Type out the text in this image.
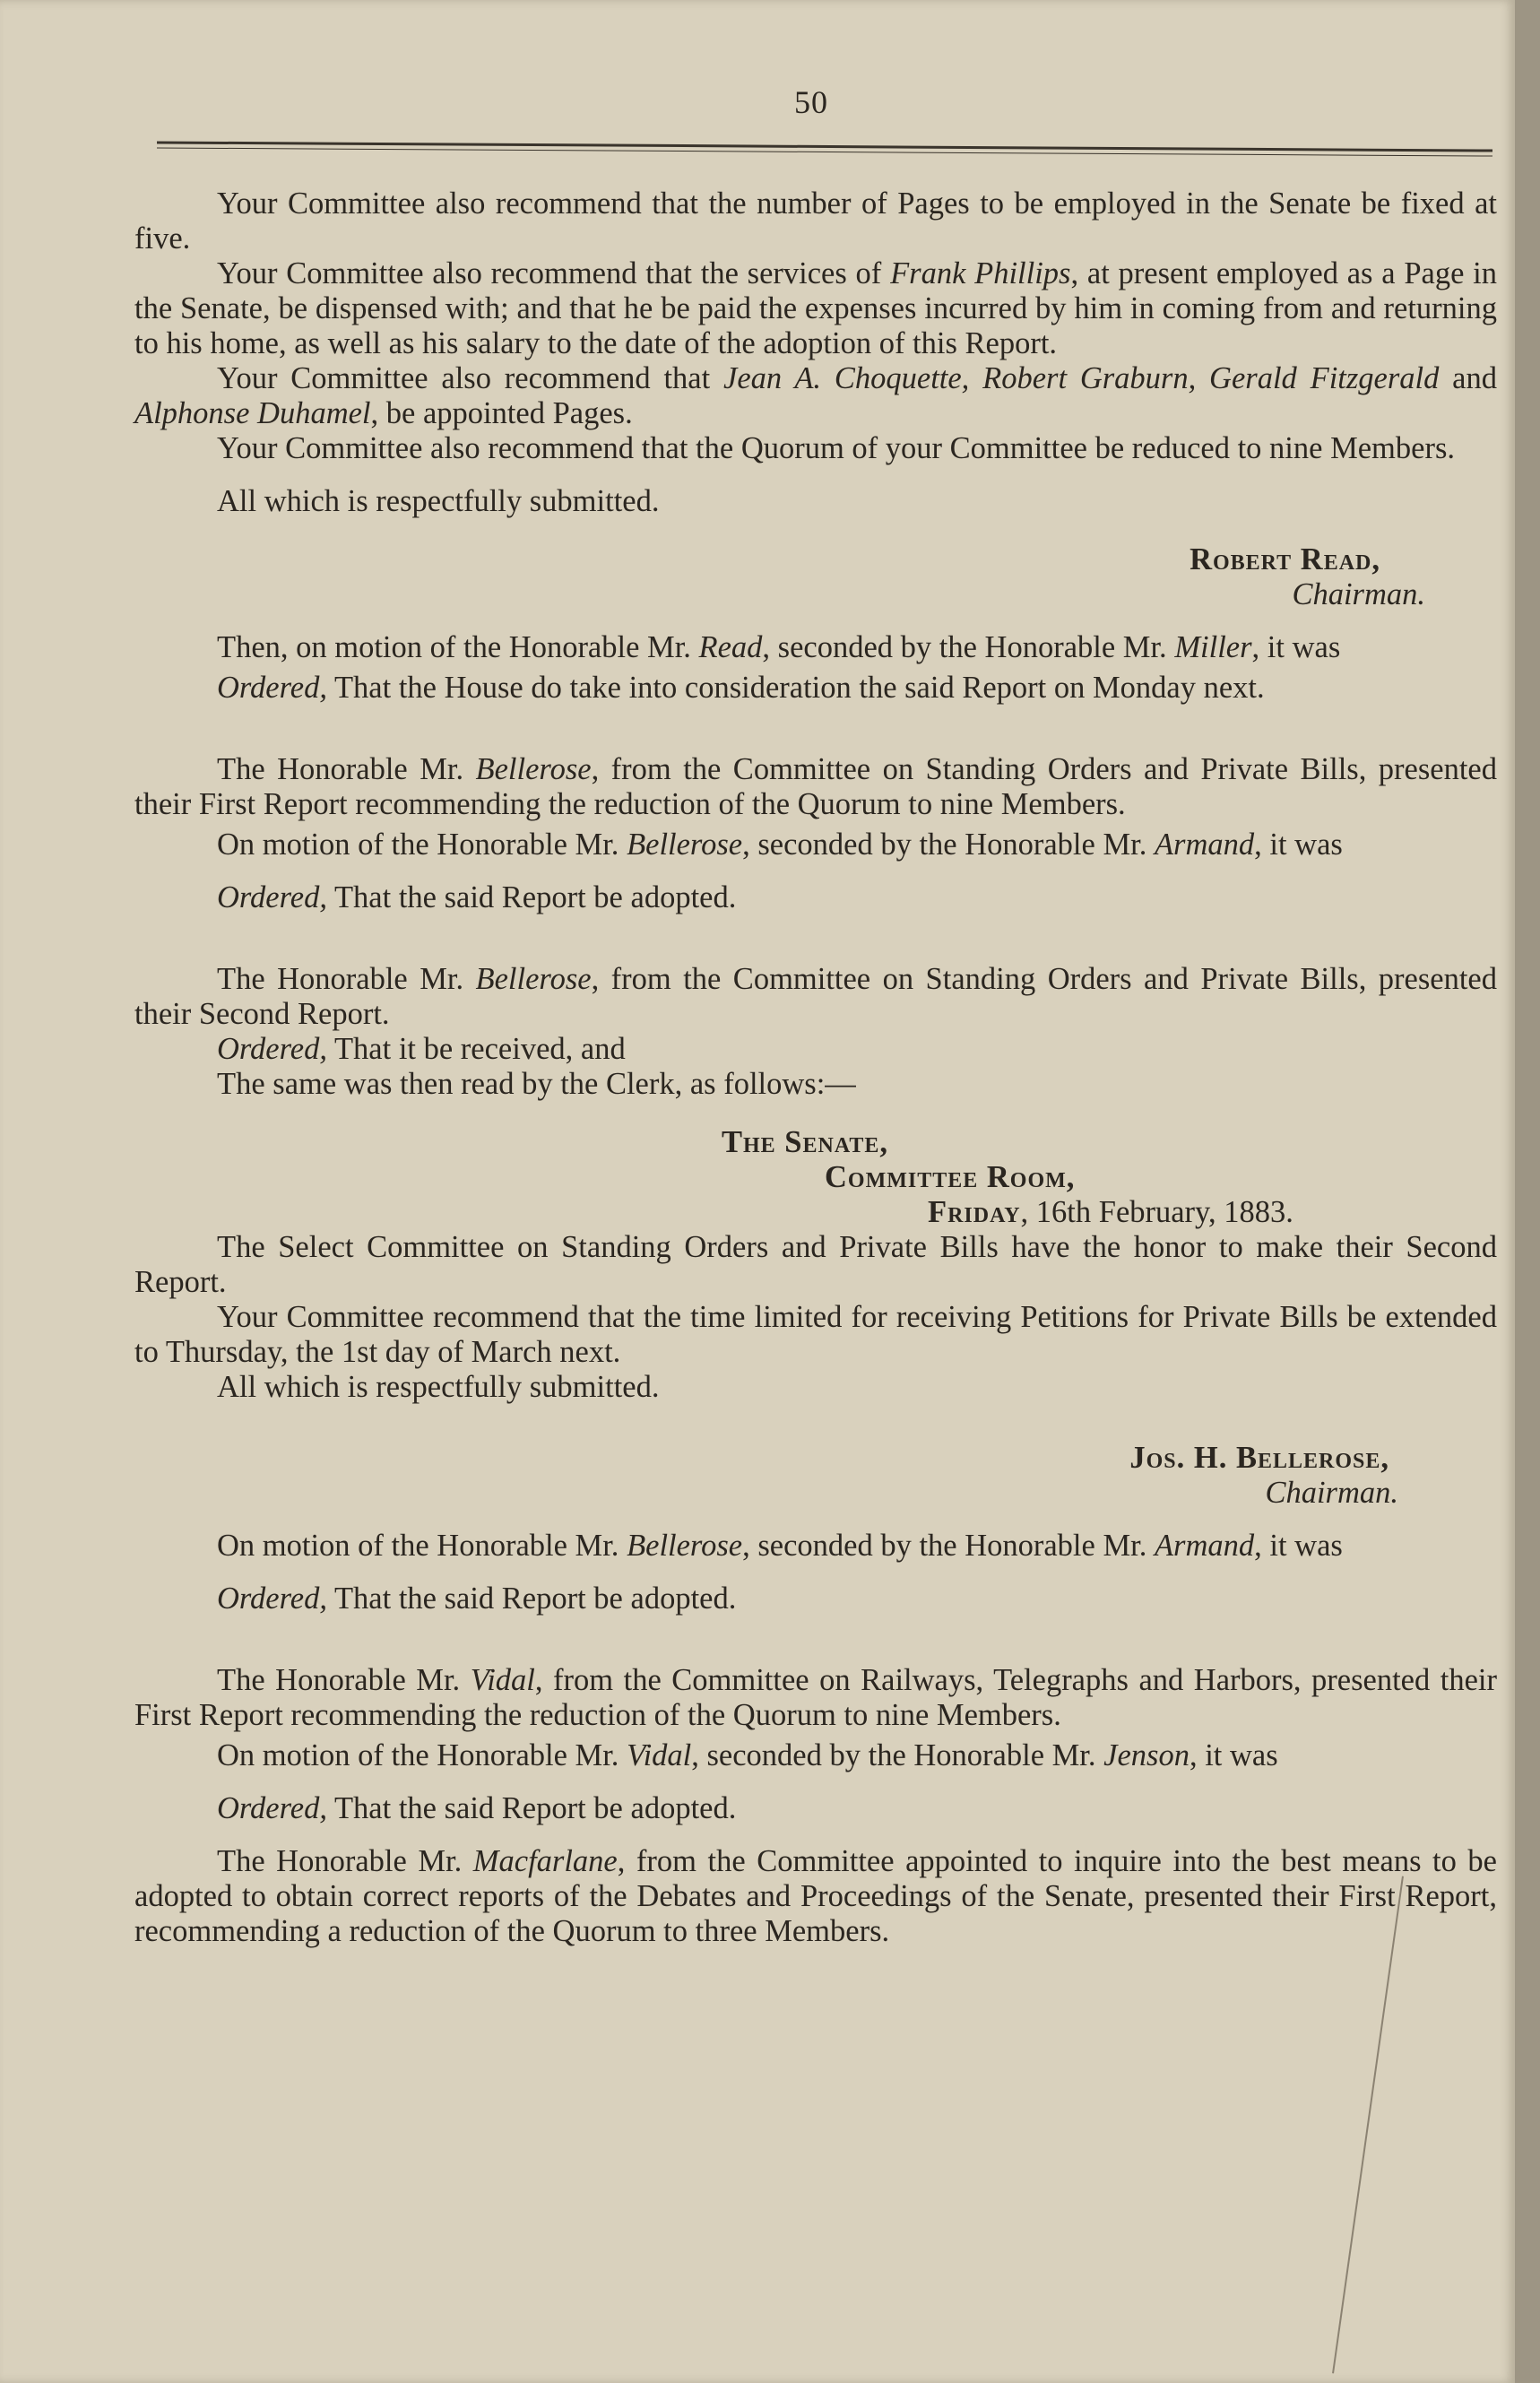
50

Your Committee also recommend that the number of Pages to be employed in the Senate be fixed at five.

Your Committee also recommend that the services of Frank Phillips, at present employed as a Page in the Senate, be dispensed with; and that he be paid the expenses incurred by him in coming from and returning to his home, as well as his salary to the date of the adoption of this Report.

Your Committee also recommend that Jean A. Choquette, Robert Graburn, Gerald Fitzgerald and Alphonse Duhamel, be appointed Pages.

Your Committee also recommend that the Quorum of your Committee be reduced to nine Members.

All which is respectfully submitted.

Robert Read,
Chairman.

Then, on motion of the Honorable Mr. Read, seconded by the Honorable Mr. Miller, it was

Ordered, That the House do take into consideration the said Report on Monday next.

The Honorable Mr. Bellerose, from the Committee on Standing Orders and Private Bills, presented their First Report recommending the reduction of the Quorum to nine Members.

On motion of the Honorable Mr. Bellerose, seconded by the Honorable Mr. Armand, it was

Ordered, That the said Report be adopted.

The Honorable Mr. Bellerose, from the Committee on Standing Orders and Private Bills, presented their Second Report.

Ordered, That it be received, and

The same was then read by the Clerk, as follows:—

The Senate,
Committee Room,
Friday, 16th February, 1883.

The Select Committee on Standing Orders and Private Bills have the honor to make their Second Report.

Your Committee recommend that the time limited for receiving Petitions for Private Bills be extended to Thursday, the 1st day of March next.

All which is respectfully submitted.

Jos. H. Bellerose,
Chairman.

On motion of the Honorable Mr. Bellerose, seconded by the Honorable Mr. Armand, it was

Ordered, That the said Report be adopted.

The Honorable Mr. Vidal, from the Committee on Railways, Telegraphs and Harbors, presented their First Report recommending the reduction of the Quorum to nine Members.

On motion of the Honorable Mr. Vidal, seconded by the Honorable Mr. Jenson, it was

Ordered, That the said Report be adopted.

The Honorable Mr. Macfarlane, from the Committee appointed to inquire into the best means to be adopted to obtain correct reports of the Debates and Proceedings of the Senate, presented their First Report, recommending a reduction of the Quorum to three Members.
